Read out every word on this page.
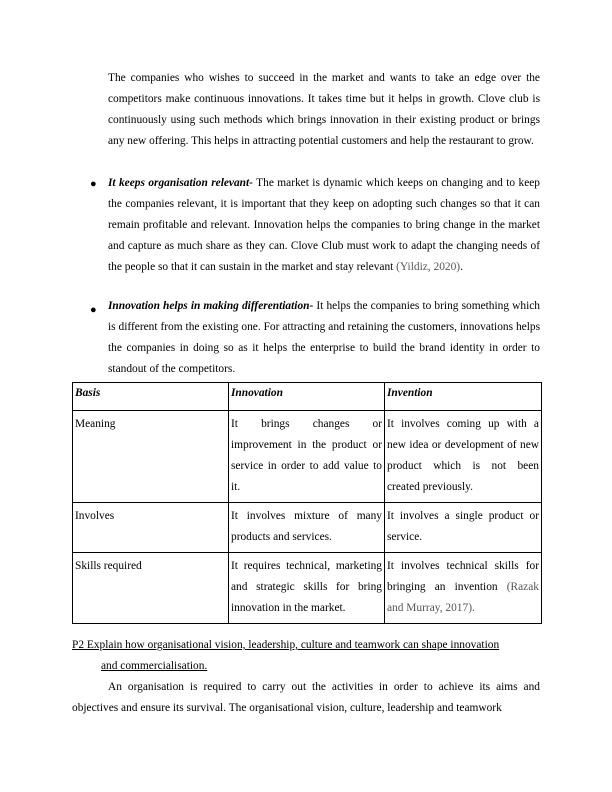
The companies who wishes to succeed in the market and wants to take an edge over the competitors make continuous innovations. It takes time but it helps in growth. Clove club is continuously using such methods which brings innovation in their existing product or brings any new offering. This helps in attracting potential customers and help the restaurant to grow.

● It keeps organisation relevant- The market is dynamic which keeps on changing and to keep the companies relevant, it is important that they keep on adopting such changes so that it can remain profitable and relevant. Innovation helps the companies to bring change in the market and capture as much share as they can. Clove Club must work to adapt the changing needs of the people so that it can sustain in the market and stay relevant (Yildiz, 2020).

● Innovation helps in making differentiation- It helps the companies to bring something which is different from the existing one. For attracting and retaining the customers, innovations helps the companies in doing so as it helps the enterprise to build the brand identity in order to standout of the competitors.

Basis	Innovation	Invention
Meaning	It brings changes or improvement in the product or service in order to add value to it.	It involves coming up with a new idea or development of new product which is not been created previously.
Involves	It involves mixture of many products and services.	It involves a single product or service.
Skills required	It requires technical, marketing and strategic skills for bring innovation in the market.	It involves technical skills for bringing an invention (Razak and Murray, 2017).

P2 Explain how organisational vision, leadership, culture and teamwork can shape innovation
and commercialisation.

An organisation is required to carry out the activities in order to achieve its aims and objectives and ensure its survival. The organisational vision, culture, leadership and teamwork
